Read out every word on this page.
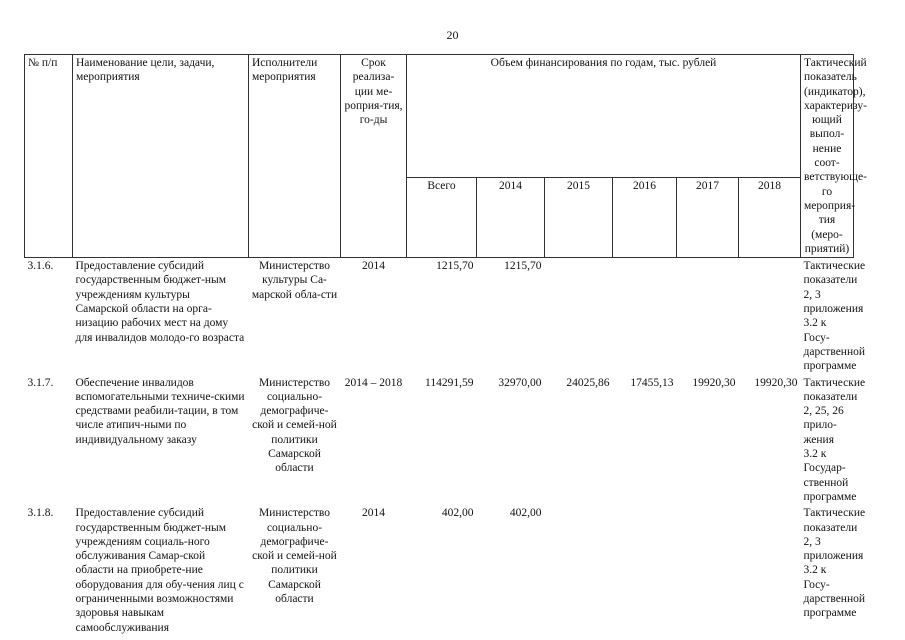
20
№ п/п	Наименование цели, задачи, мероприятия	Исполнители мероприятия	Срок реализа-ции ме-роприя-тия, го-ды	Объем финансирования по годам, тыс. рублей						Тактический показатель (индикатор), характеризу-ющий выпол-нение соот-ветствующе-го мероприя-тия (меро-приятий)
				Всего	2014	2015	2016	2017	2018	
3.1.6.	Предоставление субсидий государственным бюджет-ным учреждениям культуры Самарской области на орга-низацию рабочих мест на дому для инвалидов молодо-го возраста	Министерство культуры Са-марской обла-сти	2014	1215,70	1215,70					Тактические показатели 2, 3 приложения 3.2 к Госу-дарственной программе
3.1.7.	Обеспечение инвалидов вспомогательными техниче-скими средствами реабили-тации, в том числе атипич-ными по индивидуальному заказу	Министерство социально-демографиче-ской и семей-ной политики Самарской области	2014 – 2018	114291,59	32970,00	24025,86	17455,13	19920,30	19920,30	Тактические показатели 2, 25, 26 прило-жения 3.2 к Государ-ственной программе
3.1.8.	Предоставление субсидий государственным бюджет-ным учреждениям социаль-ного обслуживания Самар-ской области на приобрете-ние оборудования для обу-чения лиц с ограниченными возможностями здоровья навыкам самообслуживания	Министерство социально-демографиче-ской и семей-ной политики Самарской области	2014	402,00	402,00					Тактические показатели 2, 3 приложения 3.2 к Госу-дарственной программе
